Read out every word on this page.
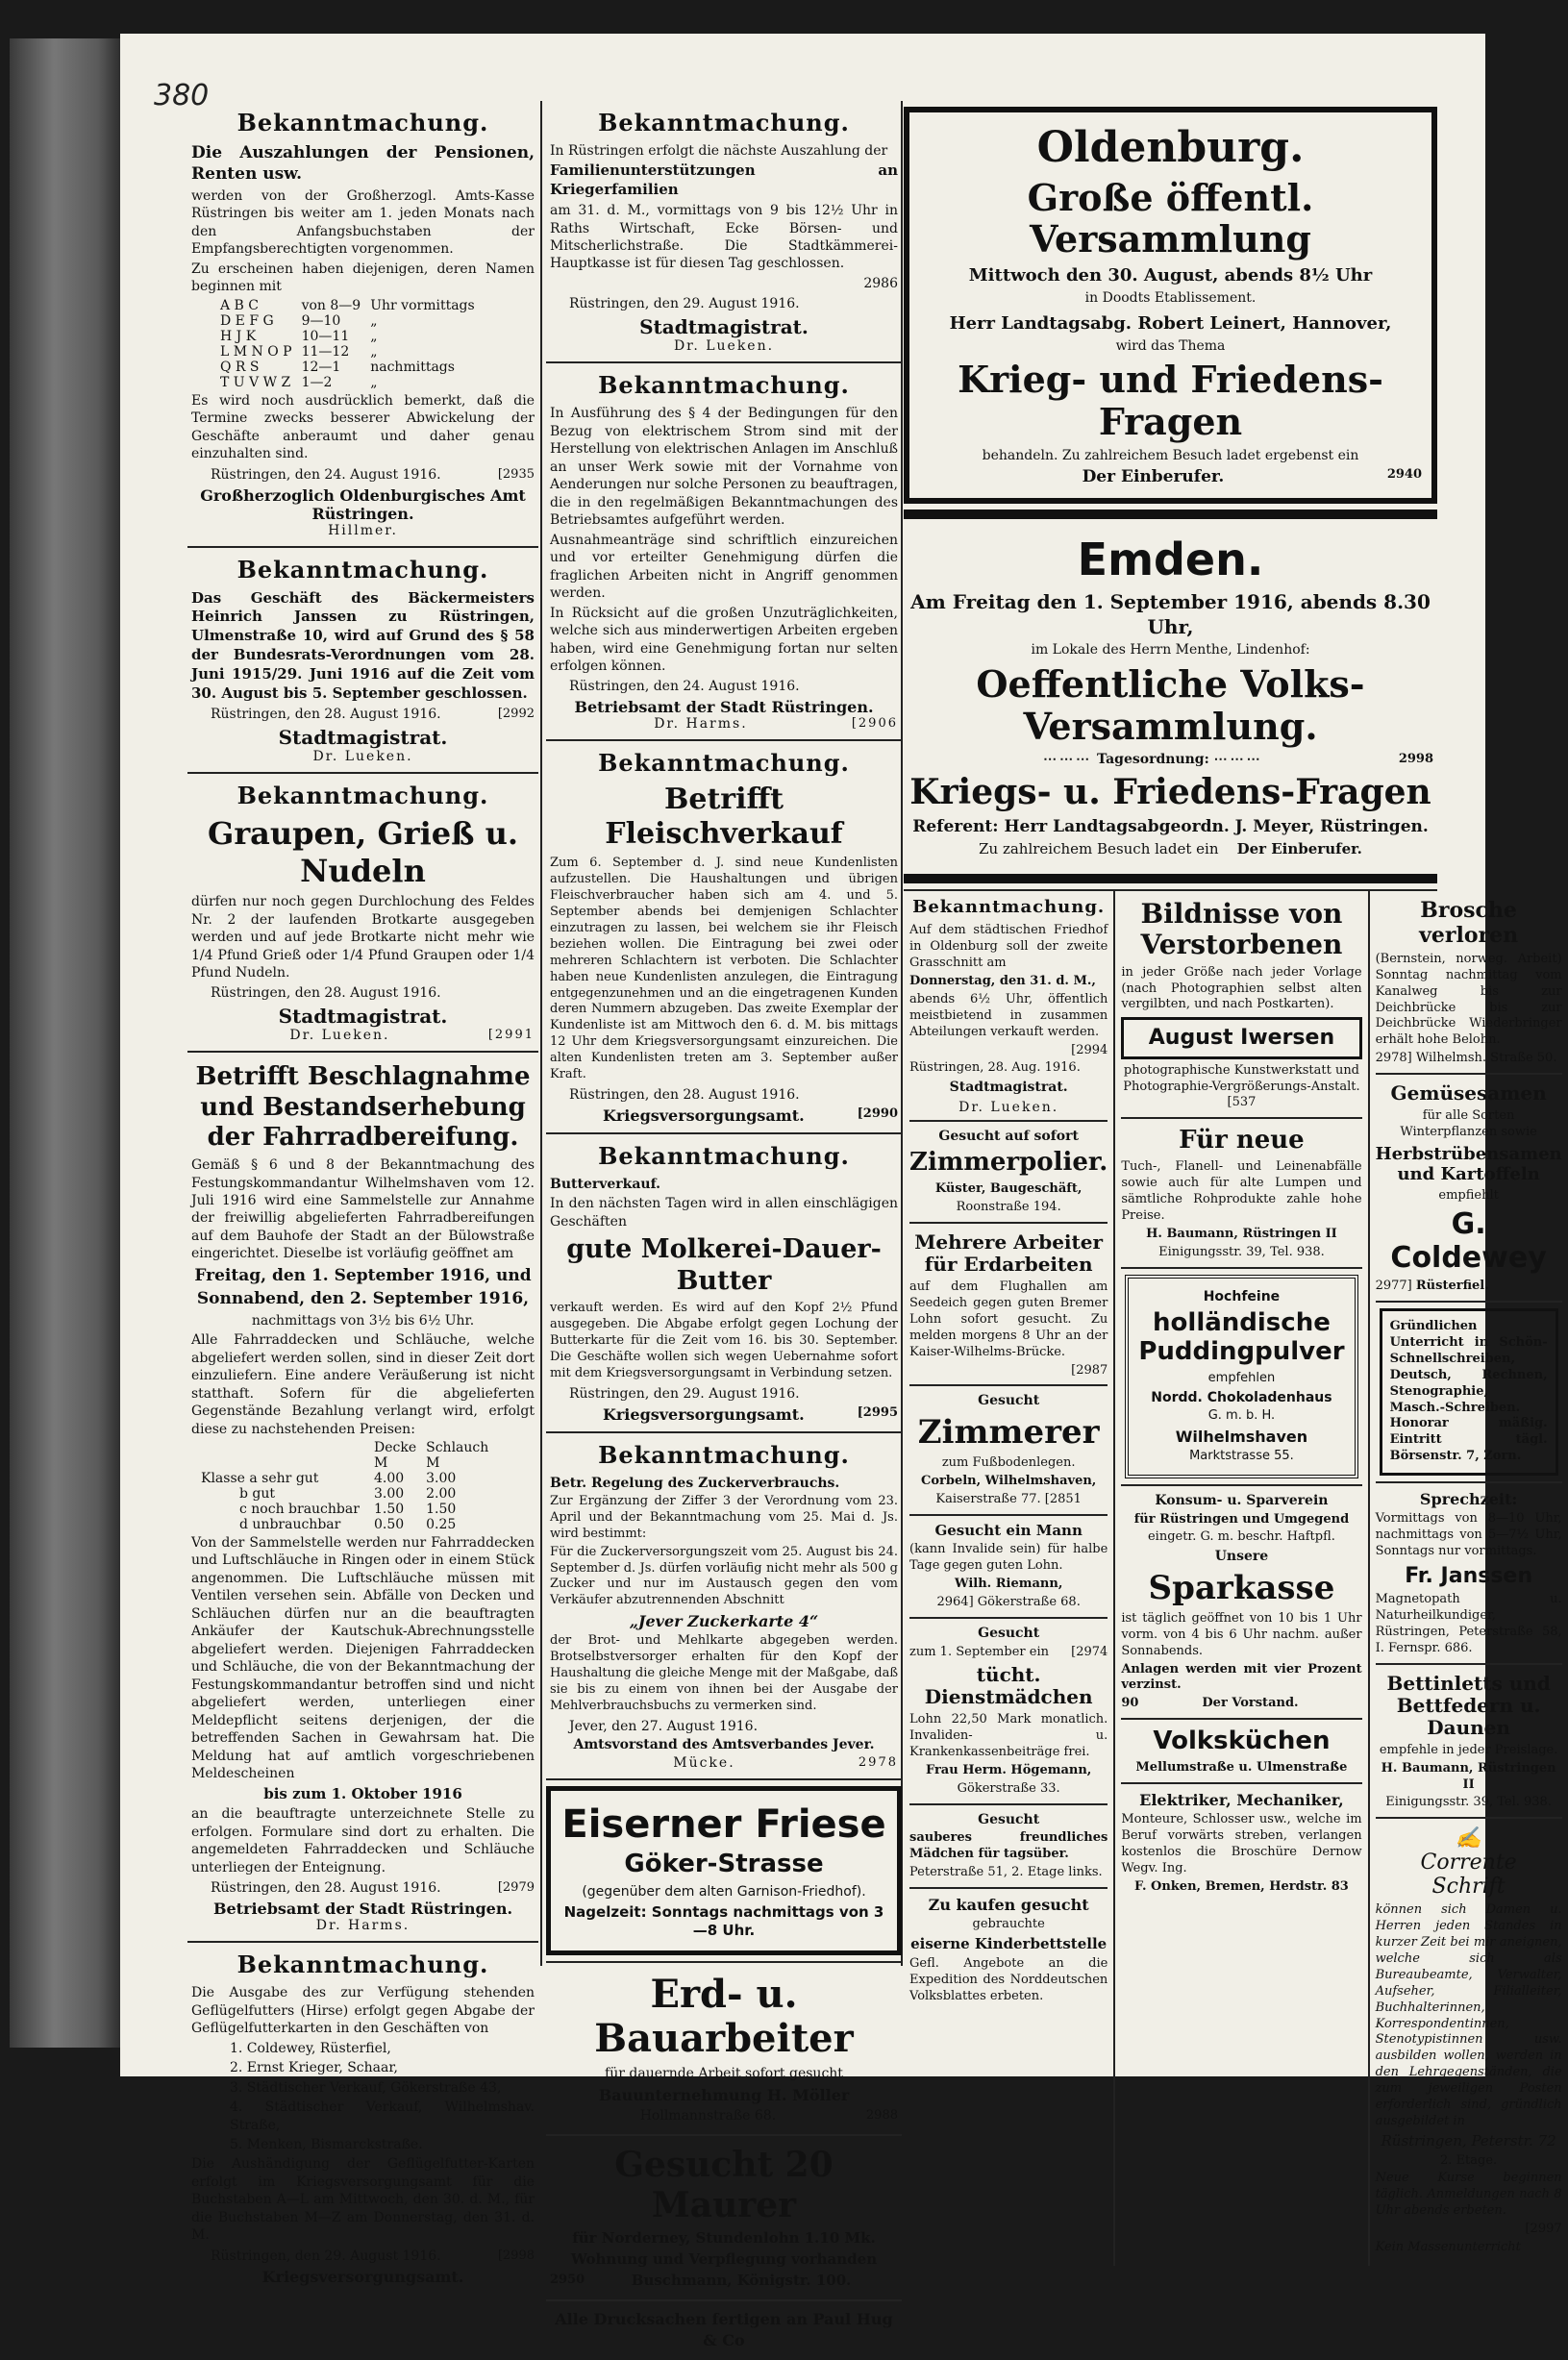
380
Bekanntmachung.
Die Auszahlungen der Pensionen, Renten usw.
werden von der Großherzogl. Amts-Kasse Rüstringen bis weiter am 1. jeden Monats nach den Anfangsbuchstaben der Empfangsberechtigten vorgenommen.
Zu erscheinen haben diejenigen, deren Namen beginnen mit
A B C	von 8—9	Uhr vormittags
D E F G	9—10	„
H J K	10—11	„
L M N O P	11—12	„
Q R S	12—1	nachmittags
T U V W Z	1—2	„
Es wird noch ausdrücklich bemerkt, daß die Termine zwecks besserer Abwickelung der Geschäfte anberaumt und daher genau einzuhalten sind.
Rüstringen, den 24. August 1916.	[2935
Großherzoglich Oldenburgisches Amt Rüstringen.
Hillmer.
Bekanntmachung.
Das Geschäft des Bäckermeisters Heinrich Janssen zu Rüstringen, Ulmenstraße 10, wird auf Grund des § 58 der Bundesrats-Verordnungen vom 28. Juni 1915/29. Juni 1916 auf die Zeit vom 30. August bis 5. September geschlossen.
Rüstringen, den 28. August 1916.	[2992
Stadtmagistrat.
Dr. Lueken.
Bekanntmachung.
Graupen, Grieß u. Nudeln
dürfen nur noch gegen Durchlochung des Feldes Nr. 2 der laufenden Brotkarte ausgegeben werden und auf jede Brotkarte nicht mehr wie 1/4 Pfund Grieß oder 1/4 Pfund Graupen oder 1/4 Pfund Nudeln.
Rüstringen, den 28. August 1916.
Stadtmagistrat.
Dr. Lueken.	[2991
Betrifft Beschlagnahme und Bestandserhebung der Fahrradbereifung.
Gemäß § 6 und 8 der Bekanntmachung des Festungskommandantur Wilhelmshaven vom 12. Juli 1916 wird eine Sammelstelle zur Annahme der freiwillig abgelieferten Fahrradbereifungen auf dem Bauhofe der Stadt an der Bülowstraße eingerichtet. Dieselbe ist vorläufig geöffnet am
Freitag, den 1. September 1916, und
Sonnabend, den 2. September 1916,
nachmittags von 3½ bis 6½ Uhr.
Alle Fahrraddecken und Schläuche, welche abgeliefert werden sollen, sind in dieser Zeit dort einzuliefern. Eine andere Veräußerung ist nicht statthaft. Sofern für die abgelieferten Gegenstände Bezahlung verlangt wird, erfolgt diese zu nachstehenden Preisen:
	Decke	Schlauch
	M	M
Klasse a sehr gut	4.00	3.00
b gut	3.00	2.00
c noch brauchbar	1.50	1.50
d unbrauchbar	0.50	0.25
Von der Sammelstelle werden nur Fahrraddecken und Luftschläuche in Ringen oder in einem Stück angenommen. Die Luftschläuche müssen mit Ventilen versehen sein. Abfälle von Decken und Schläuchen dürfen nur an die beauftragten Ankäufer der Kautschuk-Abrechnungsstelle abgeliefert werden. Diejenigen Fahrraddecken und Schläuche, die von der Bekanntmachung der Festungskommandantur betroffen sind und nicht abgeliefert werden, unterliegen einer Meldepflicht seitens derjenigen, der die betreffenden Sachen in Gewahrsam hat. Die Meldung hat auf amtlich vorgeschriebenen Meldescheinen
bis zum 1. Oktober 1916
an die beauftragte unterzeichnete Stelle zu erfolgen. Formulare sind dort zu erhalten. Die angemeldeten Fahrraddecken und Schläuche unterliegen der Enteignung.
Rüstringen, den 28. August 1916.	[2979
Betriebsamt der Stadt Rüstringen.
Dr. Harms.
Bekanntmachung.
Die Ausgabe des zur Verfügung stehenden Geflügelfutters (Hirse) erfolgt gegen Abgabe der Geflügelfutterkarten in den Geschäften von
1. Coldewey, Rüsterfiel,
2. Ernst Krieger, Schaar,
3. Städtischer Verkauf, Gökerstraße 43,
4. Städtischer Verkauf, Wilhelmshav. Straße,
5. Menken, Bismarckstraße.
Die Aushändigung der Geflügelfutter-Karten erfolgt im Kriegsversorgungsamt für die Buchstaben A—L am Mittwoch, den 30. d. M., für die Buchstaben M—Z am Donnerstag, den 31. d. M.
Rüstringen, den 29. August 1916.	[2998
Kriegsversorgungsamt.
Bekanntmachung.
In Rüstringen erfolgt die nächste Auszahlung der
Familienunterstützungen an Kriegerfamilien
am 31. d. M., vormittags von 9 bis 12½ Uhr in Raths Wirtschaft, Ecke Börsen- und Mitscherlichstraße. Die Stadtkämmerei-Hauptkasse ist für diesen Tag geschlossen.
2986
Rüstringen, den 29. August 1916.
Stadtmagistrat.
Dr. Lueken.
Bekanntmachung.
In Ausführung des § 4 der Bedingungen für den Bezug von elektrischem Strom sind mit der Herstellung von elektrischen Anlagen im Anschluß an unser Werk sowie mit der Vornahme von Aenderungen nur solche Personen zu beauftragen, die in den regelmäßigen Bekanntmachungen des Betriebsamtes aufgeführt werden.
Ausnahmeanträge sind schriftlich einzureichen und vor erteilter Genehmigung dürfen die fraglichen Arbeiten nicht in Angriff genommen werden.
In Rücksicht auf die großen Unzuträglichkeiten, welche sich aus minderwertigen Arbeiten ergeben haben, wird eine Genehmigung fortan nur selten erfolgen können.
Rüstringen, den 24. August 1916.
Betriebsamt der Stadt Rüstringen.
Dr. Harms.	[2906
Bekanntmachung.
Betrifft Fleischverkauf
Zum 6. September d. J. sind neue Kundenlisten aufzustellen. Die Haushaltungen und übrigen Fleischverbraucher haben sich am 4. und 5. September abends bei demjenigen Schlachter einzutragen zu lassen, bei welchem sie ihr Fleisch beziehen wollen. Die Eintragung bei zwei oder mehreren Schlachtern ist verboten. Die Schlachter haben neue Kundenlisten anzulegen, die Eintragung entgegenzunehmen und an die eingetragenen Kunden deren Nummern abzugeben. Das zweite Exemplar der Kundenliste ist am Mittwoch den 6. d. M. bis mittags 12 Uhr dem Kriegsversorgungsamt einzureichen. Die alten Kundenlisten treten am 3. September außer Kraft.
Rüstringen, den 28. August 1916.
Kriegsversorgungsamt.	[2990
Bekanntmachung.
Butterverkauf.
In den nächsten Tagen wird in allen einschlägigen Geschäften
gute Molkerei-Dauer-Butter
verkauft werden. Es wird auf den Kopf 2½ Pfund ausgegeben. Die Abgabe erfolgt gegen Lochung der Butterkarte für die Zeit vom 16. bis 30. September. Die Geschäfte wollen sich wegen Uebernahme sofort mit dem Kriegsversorgungsamt in Verbindung setzen.
Rüstringen, den 29. August 1916.
Kriegsversorgungsamt.	[2995
Bekanntmachung.
Betr. Regelung des Zuckerverbrauchs.
Zur Ergänzung der Ziffer 3 der Verordnung vom 23. April und der Bekanntmachung vom 25. Mai d. Js. wird bestimmt:
Für die Zuckerversorgungszeit vom 25. August bis 24. September d. Js. dürfen vorläufig nicht mehr als 500 g Zucker und nur im Austausch gegen den vom Verkäufer abzutrennenden Abschnitt
„Jever Zuckerkarte 4“
der Brot- und Mehlkarte abgegeben werden. Brotselbstversorger erhalten für den Kopf der Haushaltung die gleiche Menge mit der Maßgabe, daß sie bis zu einem von ihnen bei der Ausgabe der Mehlverbrauchsbuchs zu vermerken sind.
Jever, den 27. August 1916.
Amtsvorstand des Amtsverbandes Jever.
Mücke.	2978
Eiserner Friese
Göker-Strasse
(gegenüber dem alten Garnison-Friedhof).
Nagelzeit: Sonntags nachmittags von 3—8 Uhr.
Erd- u. Bauarbeiter
für dauernde Arbeit sofort gesucht
Bauunternehmung H. Möller
Hollmannstraße 68.	2988
Gesucht 20 Maurer
für Norderney, Stundenlohn 1.10 Mk.
Wohnung und Verpflegung vorhanden
2950	Buschmann, Königstr. 100.
Alle Drucksachen fertigen an Paul Hug & Co
Oldenburg.
Große öffentl. Versammlung
Mittwoch den 30. August, abends 8½ Uhr
in Doodts Etablissement.
Herr Landtagsabg. Robert Leinert, Hannover,
wird das Thema
Krieg- und Friedens-Fragen
behandeln. Zu zahlreichem Besuch ladet ergebenst ein
Der Einberufer.	2940
Emden.
Am Freitag den 1. September 1916, abends 8.30 Uhr,
im Lokale des Herrn Menthe, Lindenhof:
Oeffentliche Volks-Versammlung.
⋯⋯⋯ Tagesordnung: ⋯⋯⋯	2998
Kriegs- u. Friedens-Fragen
Referent: Herr Landtagsabgeordn. J. Meyer, Rüstringen.
Zu zahlreichem Besuch ladet ein Der Einberufer.
Bekanntmachung.
Auf dem städtischen Friedhof in Oldenburg soll der zweite Grasschnitt am
Donnerstag, den 31. d. M.,
abends 6½ Uhr, öffentlich meistbietend in zusammen Abteilungen verkauft werden.
[2994
Rüstringen, 28. Aug. 1916.
Stadtmagistrat.
Dr. Lueken.
Gesucht auf sofort
Zimmerpolier.
Küster, Baugeschäft,
Roonstraße 194.
Mehrere Arbeiter für Erdarbeiten
auf dem Flughallen am Seedeich gegen guten Bremer Lohn sofort gesucht. Zu melden morgens 8 Uhr an der Kaiser-Wilhelms-Brücke.
[2987
Gesucht
Zimmerer
zum Fußbodenlegen.
Corbeln, Wilhelmshaven,
Kaiserstraße 77. [2851
Gesucht ein Mann
(kann Invalide sein) für halbe Tage gegen guten Lohn.
Wilh. Riemann,
2964] Gökerstraße 68.
Gesucht
zum 1. September ein [2974
tücht. Dienstmädchen
Lohn 22,50 Mark monatlich. Invaliden- u. Krankenkassenbeiträge frei.
Frau Herm. Högemann,
Gökerstraße 33.
Gesucht
sauberes freundliches Mädchen für tagsüber.
Peterstraße 51, 2. Etage links.
Zu kaufen gesucht
gebrauchte
eiserne Kinderbettstelle
Gefl. Angebote an die Expedition des Norddeutschen Volksblattes erbeten.
Bildnisse von Verstorbenen
in jeder Größe nach jeder Vorlage (nach Photographien selbst alten vergilbten, und nach Postkarten).
August Iwersen
photographische Kunstwerkstatt und Photographie-Vergrößerungs-Anstalt. [537
Für neue
Tuch-, Flanell- und Leinenabfälle sowie auch für alte Lumpen und sämtliche Rohprodukte zahle hohe Preise.
H. Baumann, Rüstringen II
Einigungsstr. 39, Tel. 938.
Hochfeine
holländische Puddingpulver
empfehlen
Nordd. Chokoladenhaus
G. m. b. H.
Wilhelmshaven
Marktstrasse 55.
Konsum- u. Sparverein
für Rüstringen und Umgegend
eingetr. G. m. beschr. Haftpfl.
Unsere
Sparkasse
ist täglich geöffnet von 10 bis 1 Uhr vorm. von 4 bis 6 Uhr nachm. außer Sonnabends.
Anlagen werden mit vier Prozent verzinst.
90	Der Vorstand.
Volksküchen
Mellumstraße u. Ulmenstraße
Elektriker, Mechaniker,
Monteure, Schlosser usw., welche im Beruf vorwärts streben, verlangen kostenlos die Broschüre Dernow Wegv. Ing.
F. Onken, Bremen, Herdstr. 83
Brosche verloren
(Bernstein, norweg. Arbeit) Sonntag nachmittag vom Kanalweg bis zur Deichbrücke bis zur Deichbrücke Wiederbringer erhält hohe Belohn.
2978] Wilhelmsh. Straße 50.
Gemüsesamen
für alle Sorten Winterpflanzen sowie
Herbstrübensamen und Kartoffeln
empfiehlt
G. Coldewey
2977] Rüsterfiel.
Gründlichen Unterricht in Schön-Schnellschreiben, Deutsch, Rechnen, Stenographie, Masch.-Schreiben. Honorar mäßig. Eintritt tägl. Börsenstr. 7, Zorn.
Sprechzeit:
Vormittags von 8—10 Uhr, nachmittags von 5—7½ Uhr, Sonntags nur vormittags.
Fr. Janssen
Magnetopath u. Naturheilkundiger, Rüstringen, Peterstraße 58, I. Fernspr. 686.
Bettinletts und Bettfedern u. Daunen
empfehle in jeder Preislage.
H. Baumann, Rüstringen II
Einigungsstr. 39, Tel. 938.
✍
Corrente
Schrift
können sich Damen u. Herren jeden Standes in kurzer Zeit bei mir aneignen, welche sich als Bureaubeamte, Verwalter, Aufseher, Filialleiter, Buchhalterinnen, Korrespondentinnen, Stenotypistinnen usw. ausbilden wollen, werden in den Lehrgegenständen, die zum jeweiligen Posten erforderlich sind, gründlich ausgebildet in
Rüstringen, Peterstr. 72
2. Etage.
Neue Kurse beginnen täglich. Anmeldungen nach 8 Uhr abends erbeten.
[2997
Kein Massenunterricht
